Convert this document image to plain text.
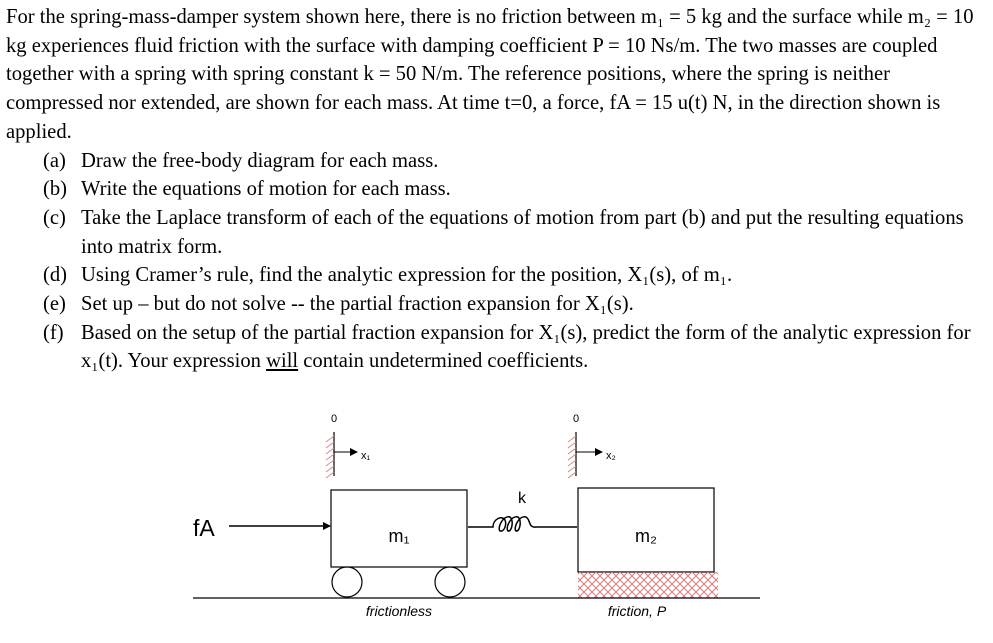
For the spring-mass-damper system shown here, there is no friction between m₁ = 5 kg and the surface while m₂ = 10 kg experiences fluid friction with the surface with damping coefficient P = 10 Ns/m. The two masses are coupled together with a spring with spring constant k = 50 N/m. The reference positions, where the spring is neither compressed nor extended, are shown for each mass. At time t=0, a force, fA = 15 u(t) N, in the direction shown is applied.

(a) Draw the free-body diagram for each mass.
(b) Write the equations of motion for each mass.
(c) Take the Laplace transform of each of the equations of motion from part (b) and put the resulting equations into matrix form.
(d) Using Cramer’s rule, find the analytic expression for the position, X₁(s), of m₁.
(e) Set up – but do not solve -- the partial fraction expansion for X₁(s).
(f) Based on the setup of the partial fraction expansion for X₁(s), predict the form of the analytic expression for x₁(t). Your expression will contain undetermined coefficients.
0
x₁
0
x₂
fA	m₁
k
m₂
frictionless	friction, P
